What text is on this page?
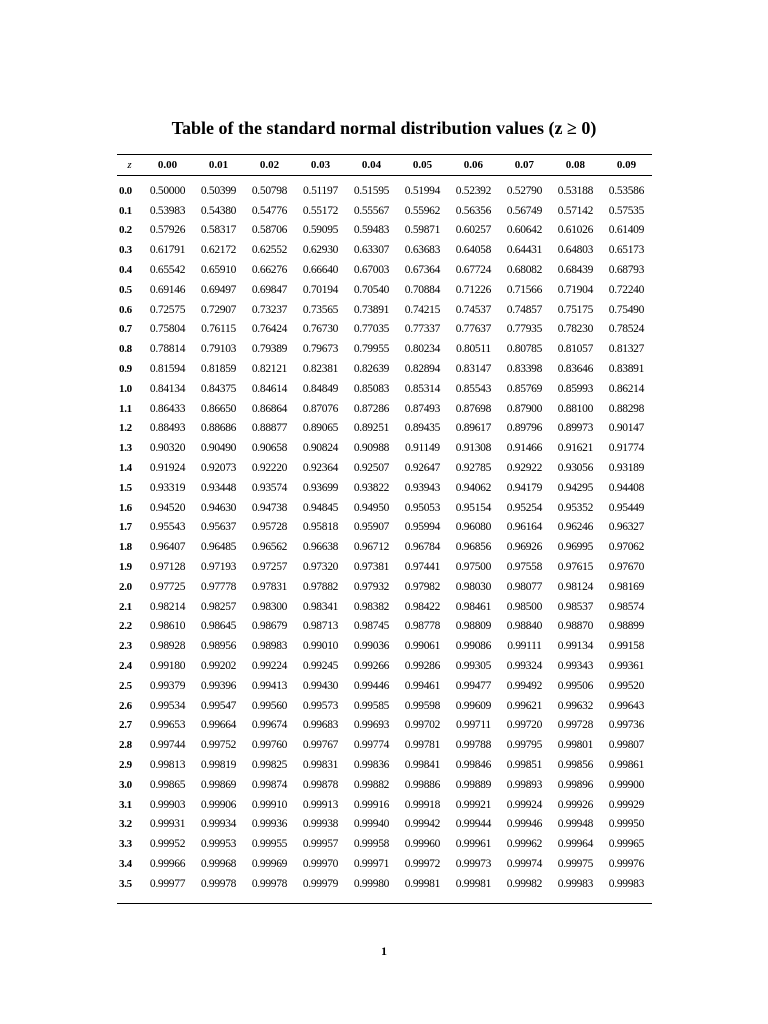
Table of the standard normal distribution values (z ≥ 0)
z	0.00	0.01	0.02	0.03	0.04	0.05	0.06	0.07	0.08	0.09
0.0	0.50000	0.50399	0.50798	0.51197	0.51595	0.51994	0.52392	0.52790	0.53188	0.53586
0.1	0.53983	0.54380	0.54776	0.55172	0.55567	0.55962	0.56356	0.56749	0.57142	0.57535
0.2	0.57926	0.58317	0.58706	0.59095	0.59483	0.59871	0.60257	0.60642	0.61026	0.61409
0.3	0.61791	0.62172	0.62552	0.62930	0.63307	0.63683	0.64058	0.64431	0.64803	0.65173
0.4	0.65542	0.65910	0.66276	0.66640	0.67003	0.67364	0.67724	0.68082	0.68439	0.68793
0.5	0.69146	0.69497	0.69847	0.70194	0.70540	0.70884	0.71226	0.71566	0.71904	0.72240
0.6	0.72575	0.72907	0.73237	0.73565	0.73891	0.74215	0.74537	0.74857	0.75175	0.75490
0.7	0.75804	0.76115	0.76424	0.76730	0.77035	0.77337	0.77637	0.77935	0.78230	0.78524
0.8	0.78814	0.79103	0.79389	0.79673	0.79955	0.80234	0.80511	0.80785	0.81057	0.81327
0.9	0.81594	0.81859	0.82121	0.82381	0.82639	0.82894	0.83147	0.83398	0.83646	0.83891
1.0	0.84134	0.84375	0.84614	0.84849	0.85083	0.85314	0.85543	0.85769	0.85993	0.86214
1.1	0.86433	0.86650	0.86864	0.87076	0.87286	0.87493	0.87698	0.87900	0.88100	0.88298
1.2	0.88493	0.88686	0.88877	0.89065	0.89251	0.89435	0.89617	0.89796	0.89973	0.90147
1.3	0.90320	0.90490	0.90658	0.90824	0.90988	0.91149	0.91308	0.91466	0.91621	0.91774
1.4	0.91924	0.92073	0.92220	0.92364	0.92507	0.92647	0.92785	0.92922	0.93056	0.93189
1.5	0.93319	0.93448	0.93574	0.93699	0.93822	0.93943	0.94062	0.94179	0.94295	0.94408
1.6	0.94520	0.94630	0.94738	0.94845	0.94950	0.95053	0.95154	0.95254	0.95352	0.95449
1.7	0.95543	0.95637	0.95728	0.95818	0.95907	0.95994	0.96080	0.96164	0.96246	0.96327
1.8	0.96407	0.96485	0.96562	0.96638	0.96712	0.96784	0.96856	0.96926	0.96995	0.97062
1.9	0.97128	0.97193	0.97257	0.97320	0.97381	0.97441	0.97500	0.97558	0.97615	0.97670
2.0	0.97725	0.97778	0.97831	0.97882	0.97932	0.97982	0.98030	0.98077	0.98124	0.98169
2.1	0.98214	0.98257	0.98300	0.98341	0.98382	0.98422	0.98461	0.98500	0.98537	0.98574
2.2	0.98610	0.98645	0.98679	0.98713	0.98745	0.98778	0.98809	0.98840	0.98870	0.98899
2.3	0.98928	0.98956	0.98983	0.99010	0.99036	0.99061	0.99086	0.99111	0.99134	0.99158
2.4	0.99180	0.99202	0.99224	0.99245	0.99266	0.99286	0.99305	0.99324	0.99343	0.99361
2.5	0.99379	0.99396	0.99413	0.99430	0.99446	0.99461	0.99477	0.99492	0.99506	0.99520
2.6	0.99534	0.99547	0.99560	0.99573	0.99585	0.99598	0.99609	0.99621	0.99632	0.99643
2.7	0.99653	0.99664	0.99674	0.99683	0.99693	0.99702	0.99711	0.99720	0.99728	0.99736
2.8	0.99744	0.99752	0.99760	0.99767	0.99774	0.99781	0.99788	0.99795	0.99801	0.99807
2.9	0.99813	0.99819	0.99825	0.99831	0.99836	0.99841	0.99846	0.99851	0.99856	0.99861
3.0	0.99865	0.99869	0.99874	0.99878	0.99882	0.99886	0.99889	0.99893	0.99896	0.99900
3.1	0.99903	0.99906	0.99910	0.99913	0.99916	0.99918	0.99921	0.99924	0.99926	0.99929
3.2	0.99931	0.99934	0.99936	0.99938	0.99940	0.99942	0.99944	0.99946	0.99948	0.99950
3.3	0.99952	0.99953	0.99955	0.99957	0.99958	0.99960	0.99961	0.99962	0.99964	0.99965
3.4	0.99966	0.99968	0.99969	0.99970	0.99971	0.99972	0.99973	0.99974	0.99975	0.99976
3.5	0.99977	0.99978	0.99978	0.99979	0.99980	0.99981	0.99981	0.99982	0.99983	0.99983
1
